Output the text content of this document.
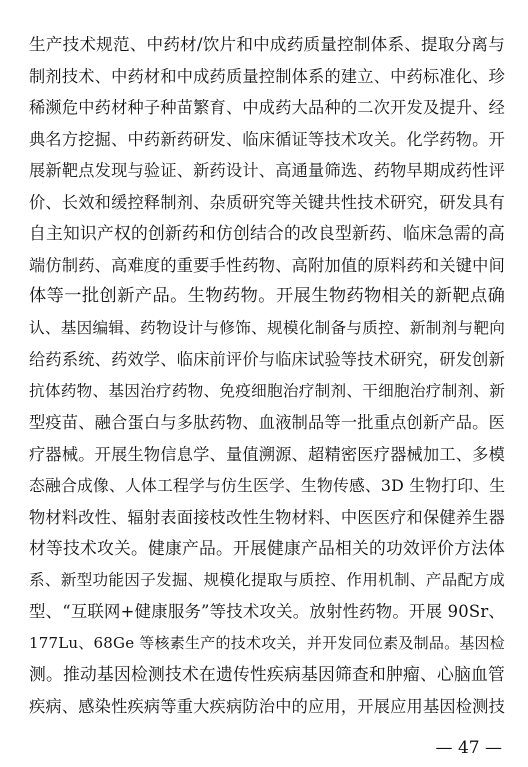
生产技术规范、中药材/饮片和中成药质量控制体系、提取分离与
制剂技术、中药材和中成药质量控制体系的建立、中药标准化、珍
稀濒危中药材种子种苗繁育、中成药大品种的二次开发及提升、经
典名方挖掘、中药新药研发、临床循证等技术攻关。化学药物。开
展新靶点发现与验证、新药设计、高通量筛选、药物早期成药性评
价、长效和缓控释制剂、杂质研究等关键共性技术研究，研发具有
自主知识产权的创新药和仿创结合的改良型新药、临床急需的高
端仿制药、高难度的重要手性药物、高附加值的原料药和关键中间
体等一批创新产品。生物药物。开展生物药物相关的新靶点确
认、基因编辑、药物设计与修饰、规模化制备与质控、新制剂与靶向
给药系统、药效学、临床前评价与临床试验等技术研究，研发创新
抗体药物、基因治疗药物、免疫细胞治疗制剂、干细胞治疗制剂、新
型疫苗、融合蛋白与多肽药物、血液制品等一批重点创新产品。医
疗器械。开展生物信息学、量值溯源、超精密医疗器械加工、多模
态融合成像、人体工程学与仿生医学、生物传感、3D 生物打印、生
物材料改性、辐射表面接枝改性生物材料、中医医疗和保健养生器
材等技术攻关。健康产品。开展健康产品相关的功效评价方法体
系、新型功能因子发掘、规模化提取与质控、作用机制、产品配方成
型、“互联网+健康服务”等技术攻关。放射性药物。开展 90Sr、
177Lu、68Ge 等核素生产的技术攻关，并开发同位素及制品。基因检
测。推动基因检测技术在遗传性疾病基因筛查和肿瘤、心脑血管
疾病、感染性疾病等重大疾病防治中的应用，开展应用基因检测技
— 47 —
